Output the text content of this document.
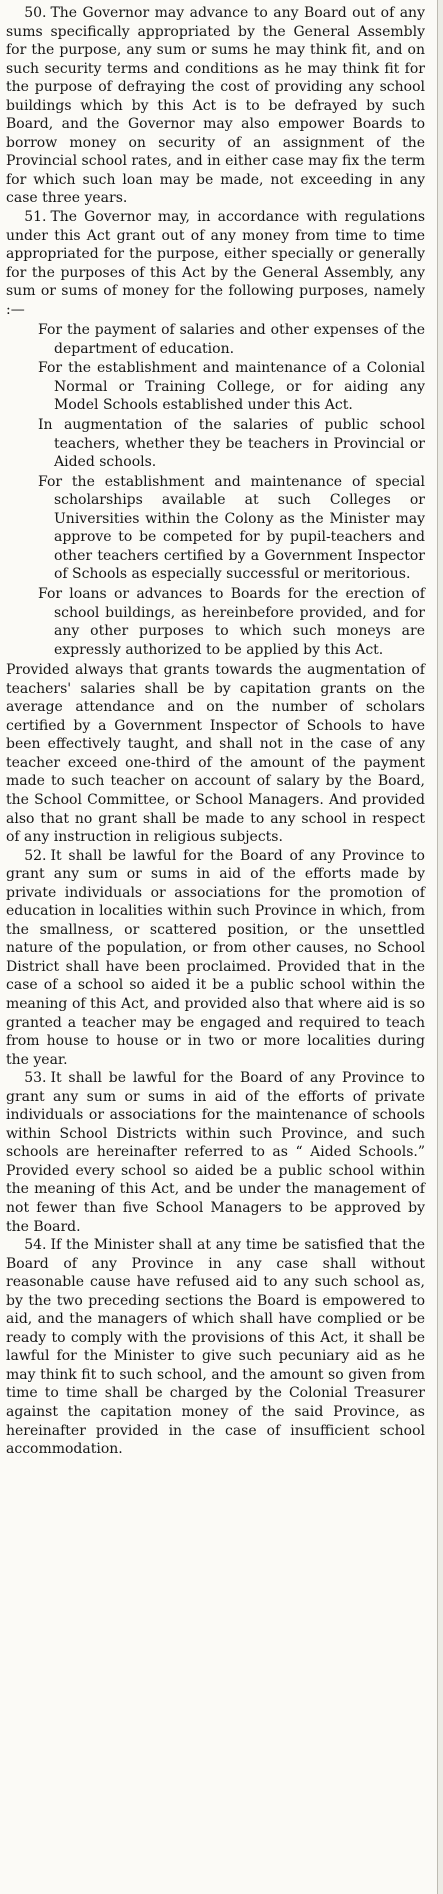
50. The Governor may advance to any Board out of any sums specifically appropriated by the General Assembly for the purpose, any sum or sums he may think fit, and on such security terms and conditions as he may think fit for the purpose of defraying the cost of providing any school buildings which by this Act is to be defrayed by such Board, and the Governor may also empower Boards to borrow money on security of an assignment of the Provincial school rates, and in either case may fix the term for which such loan may be made, not exceeding in any case three years.

51. The Governor may, in accordance with regulations under this Act grant out of any money from time to time appropriated for the purpose, either specially or generally for the purposes of this Act by the General Assembly, any sum or sums of money for the following purposes, namely :—

For the payment of salaries and other expenses of the department of education.

For the establishment and maintenance of a Colonial Normal or Training College, or for aiding any Model Schools established under this Act.

In augmentation of the salaries of public school teachers, whether they be teachers in Provincial or Aided schools.

For the establishment and maintenance of special scholarships available at such Colleges or Universities within the Colony as the Minister may approve to be competed for by pupil-teachers and other teachers certified by a Government Inspector of Schools as especially successful or meritorious.

For loans or advances to Boards for the erection of school buildings, as hereinbefore provided, and for any other purposes to which such moneys are expressly authorized to be applied by this Act.

Provided always that grants towards the augmentation of teachers' salaries shall be by capitation grants on the average attendance and on the number of scholars certified by a Government Inspector of Schools to have been effectively taught, and shall not in the case of any teacher exceed one-third of the amount of the payment made to such teacher on account of salary by the Board, the School Committee, or School Managers. And provided also that no grant shall be made to any school in respect of any instruction in religious subjects.

52. It shall be lawful for the Board of any Province to grant any sum or sums in aid of the efforts made by private individuals or associations for the promotion of education in localities within such Province in which, from the smallness, or scattered position, or the unsettled nature of the population, or from other causes, no School District shall have been proclaimed. Provided that in the case of a school so aided it be a public school within the meaning of this Act, and provided also that where aid is so granted a teacher may be engaged and required to teach from house to house or in two or more localities during the year.

53. It shall be lawful for the Board of any Province to grant any sum or sums in aid of the efforts of private individuals or associations for the maintenance of schools within School Districts within such Province, and such schools are hereinafter referred to as “ Aided Schools.” Provided every school so aided be a public school within the meaning of this Act, and be under the management of not fewer than five School Managers to be approved by the Board.

54. If the Minister shall at any time be satisfied that the Board of any Province in any case shall without reasonable cause have refused aid to any such school as, by the two preceding sections the Board is empowered to aid, and the managers of which shall have complied or be ready to comply with the provisions of this Act, it shall be lawful for the Minister to give such pecuniary aid as he may think fit to such school, and the amount so given from time to time shall be charged by the Colonial Treasurer against the capitation money of the said Province, as hereinafter provided in the case of insufficient school accommodation.
